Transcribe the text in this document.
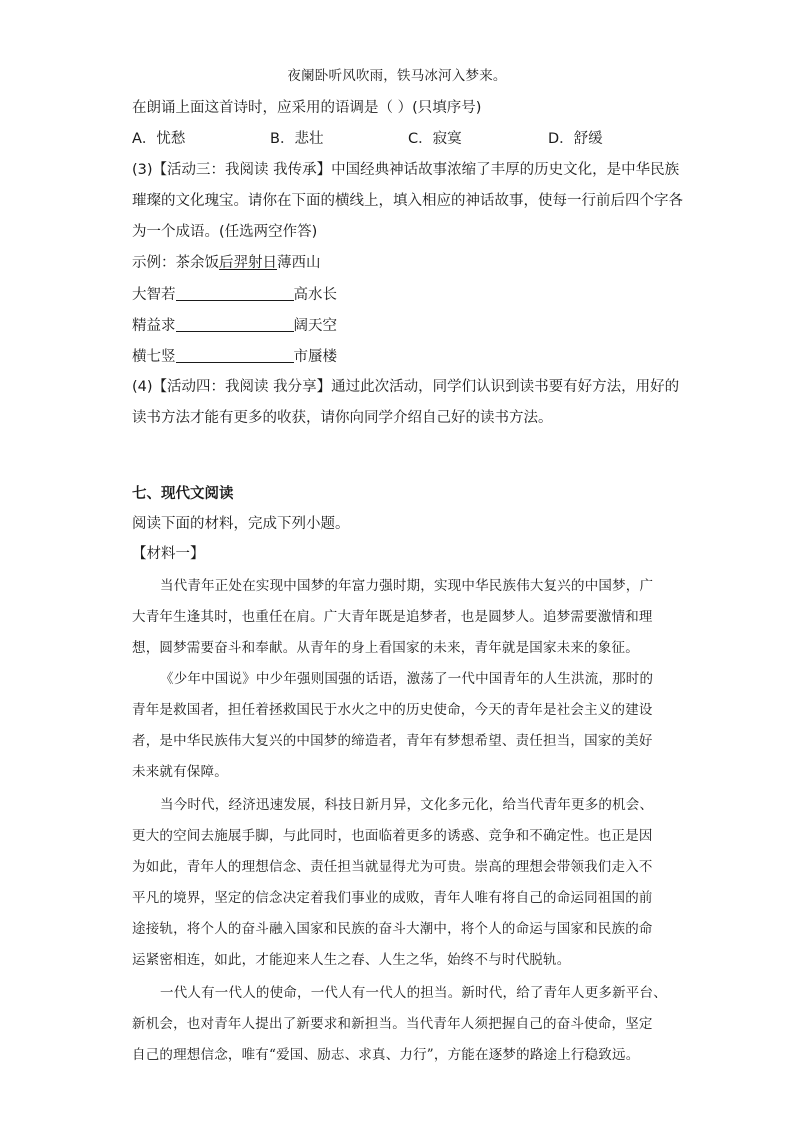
夜阑卧听风吹雨，铁马冰河入梦来。
在朗诵上面这首诗时，应采用的语调是（ ）(只填序号)
A．忧愁	B．悲壮	C．寂寞	D．舒缓
(3)【活动三：我阅读 我传承】中国经典神话故事浓缩了丰厚的历史文化，是中华民族
璀璨的文化瑰宝。请你在下面的横线上，填入相应的神话故事，使每一行前后四个字各
为一个成语。(任选两空作答)
示例：茶余饭后羿射日薄西山
大智若	高水长
精益求	阔天空
横七竖	市蜃楼
(4)【活动四：我阅读 我分享】通过此次活动，同学们认识到读书要有好方法，用好的
读书方法才能有更多的收获，请你向同学介绍自己好的读书方法。
七、现代文阅读
阅读下面的材料，完成下列小题。
【材料一】
当代青年正处在实现中国梦的年富力强时期，实现中华民族伟大复兴的中国梦，广
大青年生逢其时，也重任在肩。广大青年既是追梦者，也是圆梦人。追梦需要激情和理
想，圆梦需要奋斗和奉献。从青年的身上看国家的未来，青年就是国家未来的象征。
《少年中国说》中少年强则国强的话语，激荡了一代中国青年的人生洪流，那时的
青年是救国者，担任着拯救国民于水火之中的历史使命，今天的青年是社会主义的建设
者，是中华民族伟大复兴的中国梦的缔造者，青年有梦想希望、责任担当，国家的美好
未来就有保障。
当今时代，经济迅速发展，科技日新月异，文化多元化，给当代青年更多的机会、
更大的空间去施展手脚，与此同时，也面临着更多的诱惑、竞争和不确定性。也正是因
为如此，青年人的理想信念、责任担当就显得尤为可贵。崇高的理想会带领我们走入不
平凡的境界，坚定的信念决定着我们事业的成败，青年人唯有将自己的命运同祖国的前
途接轨，将个人的奋斗融入国家和民族的奋斗大潮中，将个人的命运与国家和民族的命
运紧密相连，如此，才能迎来人生之春、人生之华，始终不与时代脱轨。
一代人有一代人的使命，一代人有一代人的担当。新时代，给了青年人更多新平台、
新机会，也对青年人提出了新要求和新担当。当代青年人须把握自己的奋斗使命，坚定
自己的理想信念，唯有“爱国、励志、求真、力行”，方能在逐梦的路途上行稳致远。
